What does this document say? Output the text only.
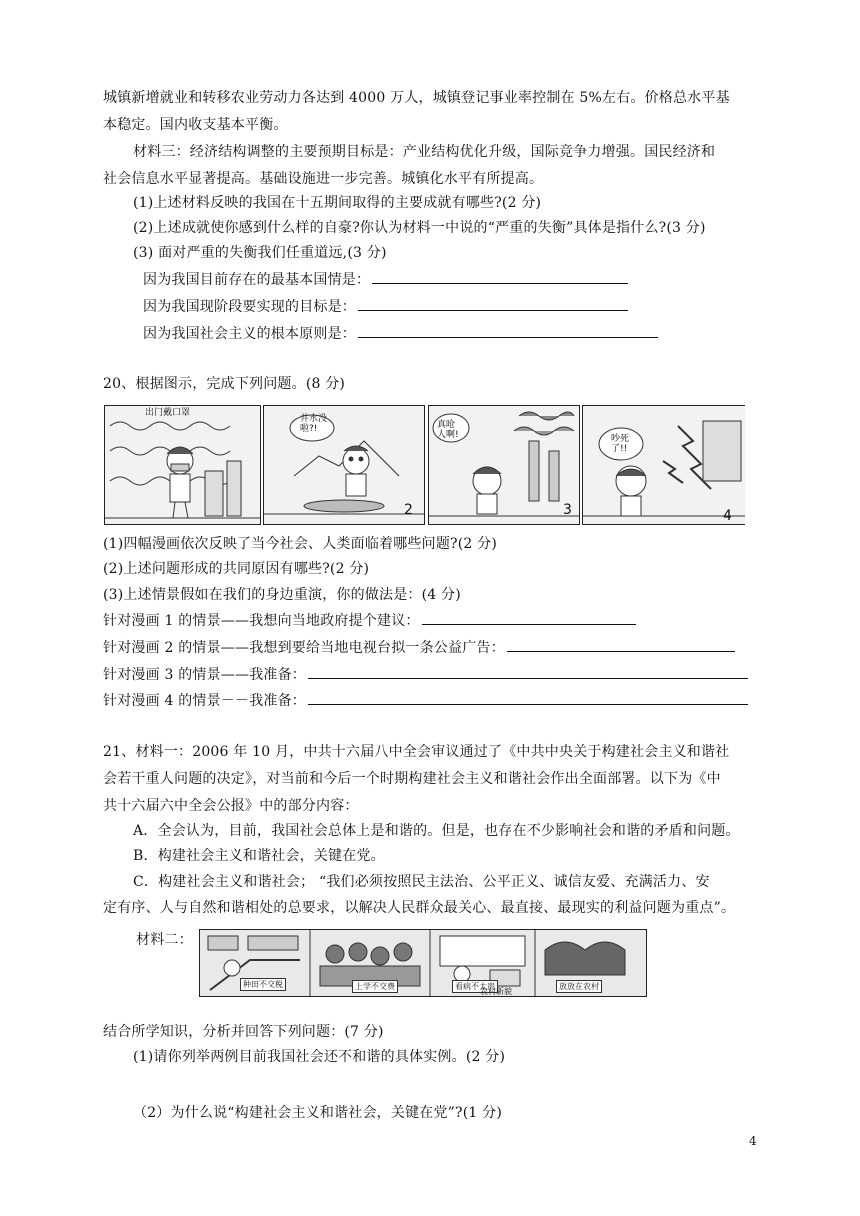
城镇新增就业和转移农业劳动力各达到 4000 万人，城镇登记事业率控制在 5%左右。价格总水平基
本稳定。国内收支基本平衡。
材料三：经济结构调整的主要预期目标是：产业结构优化升级，国际竞争力增强。国民经济和
社会信息水平显著提高。基础设施进一步完善。城镇化水平有所提高。
(1)上述材料反映的我国在十五期间取得的主要成就有哪些?(2 分)
(2)上述成就使你感到什么样的自豪?你认为材料一中说的“严重的失衡”具体是指什么?(3 分)
(3) 面对严重的失衡我们任重道远,(3 分)
因为我国目前存在的最基本国情是：
因为我国现阶段要实现的目标是：
因为我国社会主义的根本原则是：
20、根据图示，完成下列问题。(8 分)
出门戴口罩
井水没
啦?!
2
真呛
人啊!
3
吵死
了!!
4
(1)四幅漫画依次反映了当今社会、人类面临着哪些问题?(2 分)
(2)上述问题形成的共同原因有哪些?(2 分)
(3)上述情景假如在我们的身边重演，你的做法是：(4 分)
针对漫画 1 的情景——我想向当地政府提个建议：
针对漫画 2 的情景——我想到要给当地电视台拟一条公益广告：
针对漫画 3 的情景——我准备：
针对漫画 4 的情景－－我准备：
21、材料一：2006 年 10 月，中共十六届八中全会审议通过了《中共中央关于构建社会主义和谐社
会若干重人问题的决定》，对当前和今后一个时期构建社会主义和谐社会作出全面部署。以下为《中
共十六届六中全会公报》中的部分内容：
A．全会认为，目前，我国社会总体上是和谐的。但是，也存在不少影响社会和谐的矛盾和问题。
B．构建社会主义和谐社会，关键在党。
C．构建社会主义和谐社会； “我们必须按照民主法治、公平正义、诚信友爱、充满活力、安
定有序、人与自然和谐相处的总要求，以解决人民群众最关心、最直接、最现实的利益问题为重点”。
材料二：
种田不交税	上学不交费	看病不太贵
农村新貌
放放在农村
结合所学知识，分析并回答下列问题：(7 分)
(1)请你列举两例目前我国社会还不和谐的具体实例。(2 分)
（2）为什么说“构建社会主义和谐社会，关键在党”?(1 分)
4
